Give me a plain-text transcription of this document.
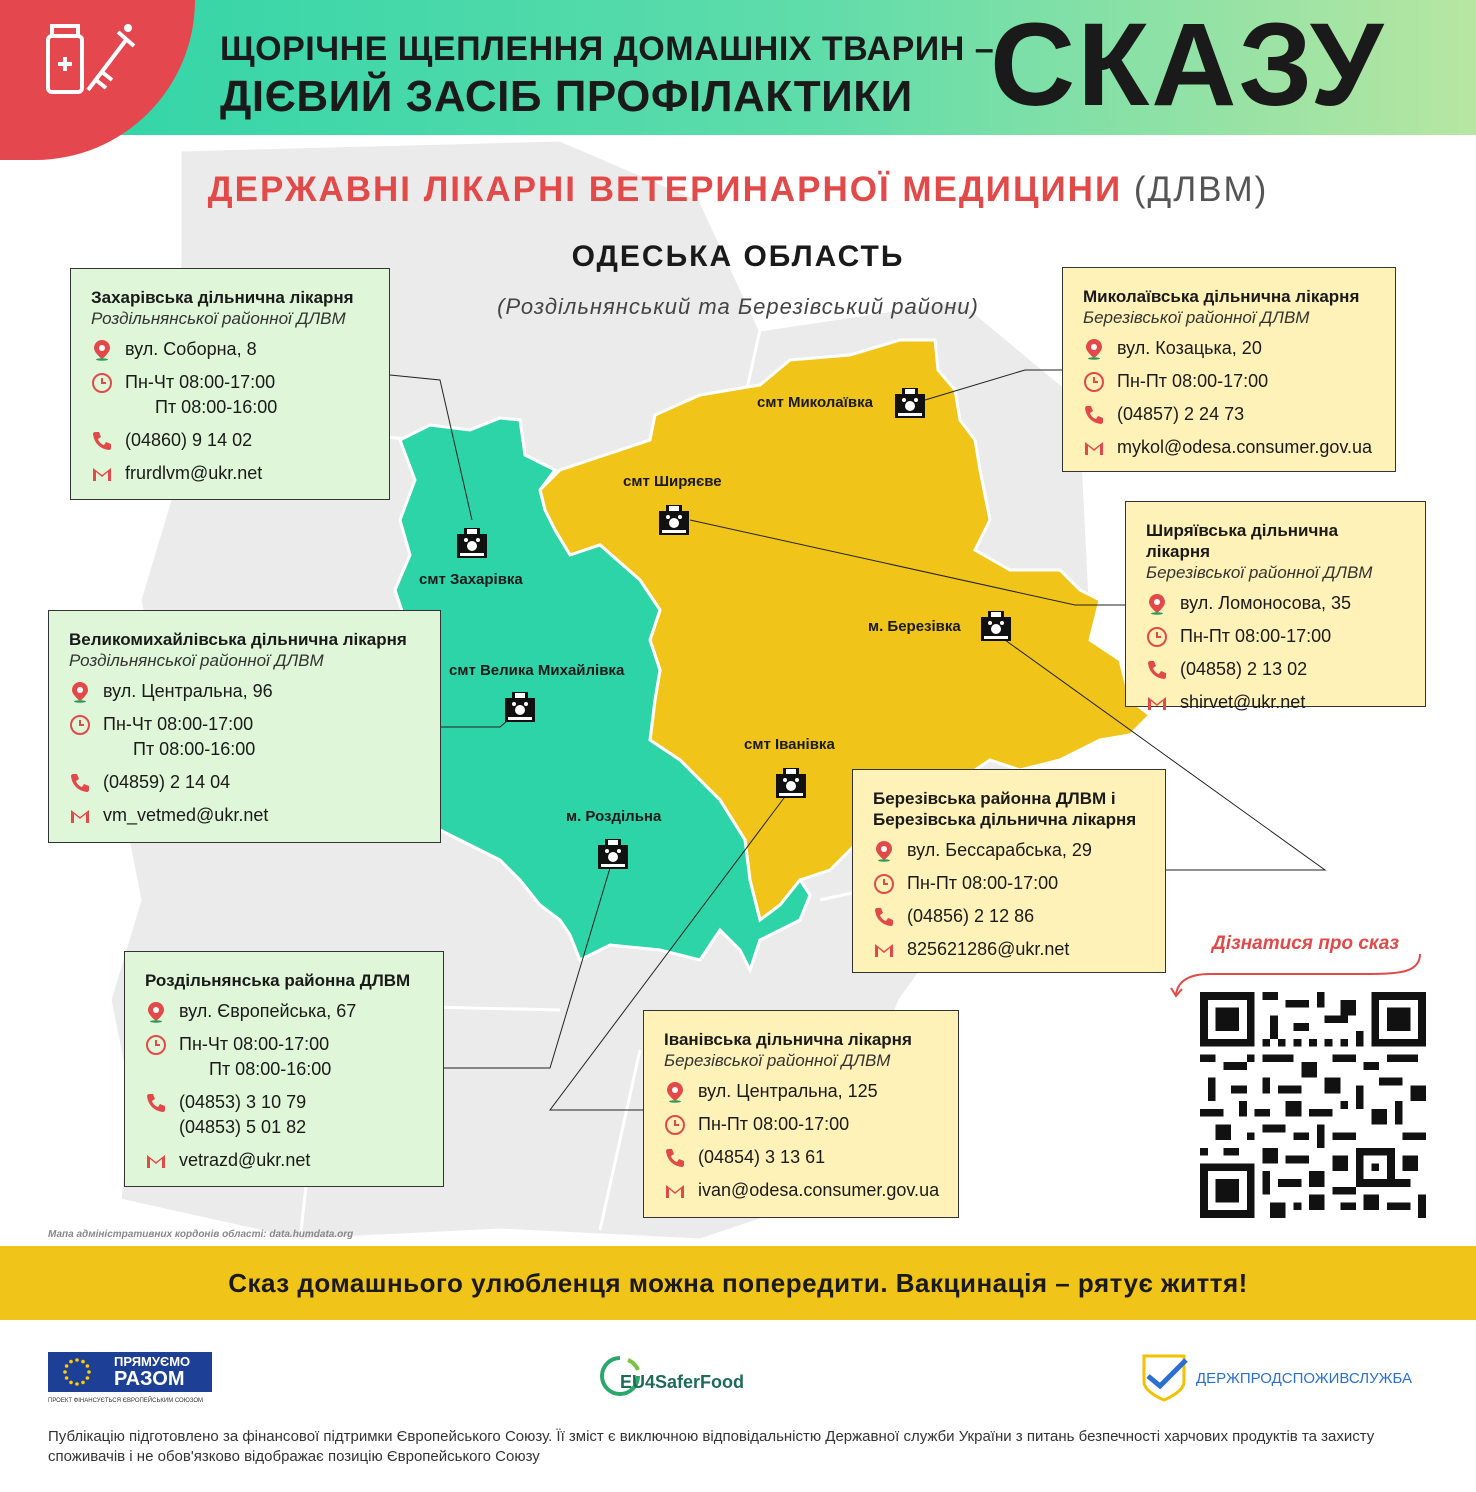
ЩОРІЧНЕ ЩЕПЛЕННЯ ДОМАШНІХ ТВАРИН –
ДІЄВИЙ ЗАСІБ ПРОФІЛАКТИКИ СКАЗУ
смт Миколаївка
смт Ширяєве
смт Захарівка
м. Березівка
смт Велика Михайлівка
смт Іванівка
м. Роздільна
ДЕРЖАВНІ ЛІКАРНІ ВЕТЕРИНАРНОЇ МЕДИЦИНИ (ДЛВМ)
ОДЕСЬКА ОБЛАСТЬ
(Роздільнянський та Березівський райони)
Захарівська дільнична лікарня
Роздільнянської районної ДЛВМ
вул. Соборна, 8
Пн-Чт 08:00-17:00
Пт 08:00-16:00
(04860) 9 14 02
frurdlvm@ukr.net
Великомихайлівська дільнична лікарня
Роздільнянської районної ДЛВМ
вул. Центральна, 96
Пн-Чт 08:00-17:00
Пт 08:00-16:00
(04859) 2 14 04
vm_vetmed@ukr.net
Роздільнянська районна ДЛВМ
вул. Європейська, 67
Пн-Чт 08:00-17:00
Пт 08:00-16:00
(04853) 3 10 79
(04853) 5 01 82
vetrazd@ukr.net
Миколаївська дільнична лікарня
Березівської районної ДЛВМ
вул. Козацька, 20
Пн-Пт 08:00-17:00
(04857) 2 24 73
mykol@odesa.consumer.gov.ua
Ширяївська дільнична лікарня
Березівської районної ДЛВМ
вул. Ломоносова, 35
Пн-Пт 08:00-17:00
(04858) 2 13 02
shirvet@ukr.net
Березівська районна ДЛВМ і
Березівська дільнична лікарня
вул. Бессарабська, 29
Пн-Пт 08:00-17:00
(04856) 2 12 86
825621286@ukr.net
Іванівська дільнична лікарня
Березівської районної ДЛВМ
вул. Центральна, 125
Пн-Пт 08:00-17:00
(04854) 3 13 61
ivan@odesa.consumer.gov.ua
Дізнатися про сказ
Мапа адміністративних кордонів області: data.humdata.org
Сказ домашнього улюбленця можна попередити. Вакцинація – рятує життя!
ПРЯМУЄМО
РАЗОМ
ПРОЕКТ ФІНАНСУЄТЬСЯ ЄВРОПЕЙСЬКИМ СОЮЗОМ
EU4SaferFood	ДЕРЖПРОДСПОЖИВСЛУЖБА
Публікацію підготовлено за фінансової підтримки Європейського Союзу. Її зміст є виключною відповідальністю Державної служби України з питань безпечності харчових продуктів та захисту споживачів і не обов'язково відображає позицію Європейського Союзу
